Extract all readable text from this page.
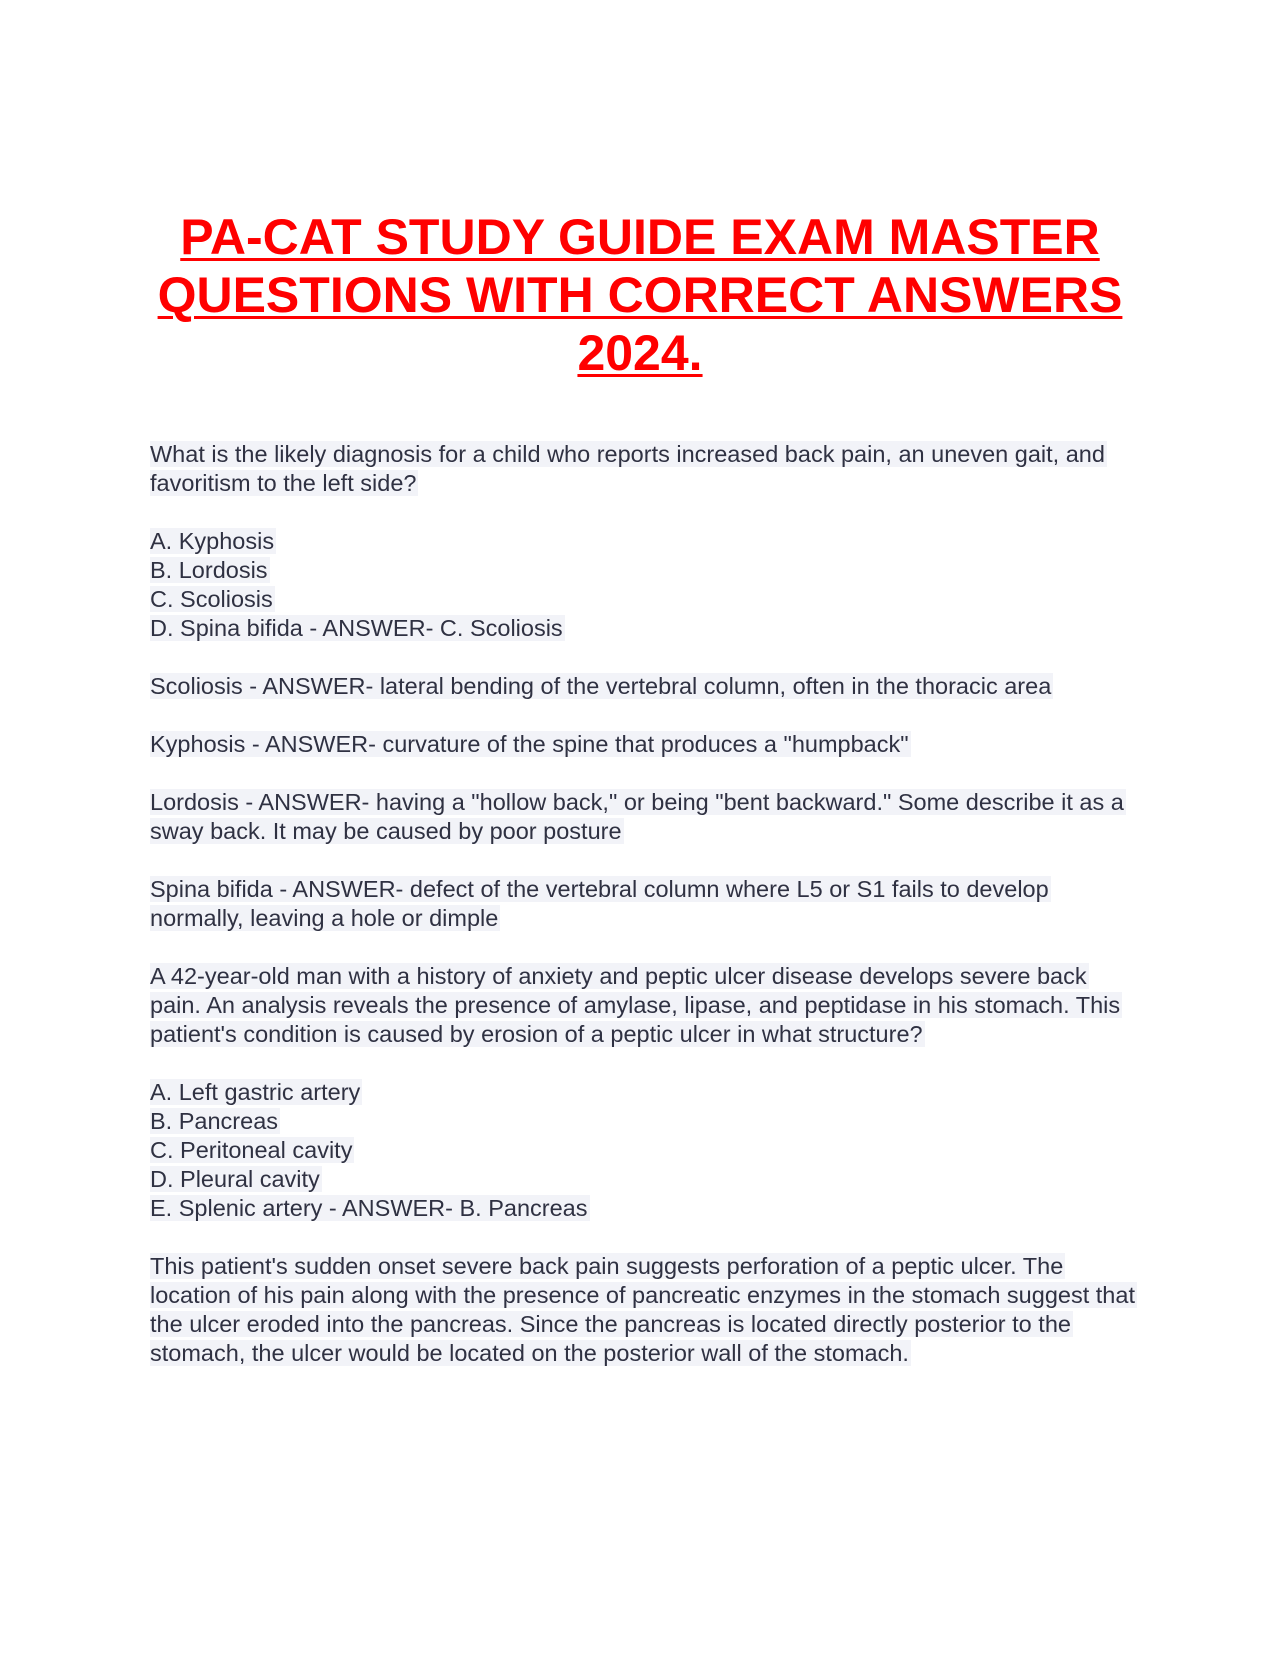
PA-CAT STUDY GUIDE EXAM MASTER QUESTIONS WITH CORRECT ANSWERS 2024.

What is the likely diagnosis for a child who reports increased back pain, an uneven gait, and favoritism to the left side?

A. Kyphosis
B. Lordosis
C. Scoliosis
D. Spina bifida - ANSWER- C. Scoliosis

Scoliosis - ANSWER- lateral bending of the vertebral column, often in the thoracic area

Kyphosis - ANSWER- curvature of the spine that produces a "humpback"

Lordosis - ANSWER- having a "hollow back," or being "bent backward." Some describe it as a sway back. It may be caused by poor posture

Spina bifida - ANSWER- defect of the vertebral column where L5 or S1 fails to develop normally, leaving a hole or dimple

A 42-year-old man with a history of anxiety and peptic ulcer disease develops severe back pain. An analysis reveals the presence of amylase, lipase, and peptidase in his stomach. This patient's condition is caused by erosion of a peptic ulcer in what structure?

A. Left gastric artery
B. Pancreas
C. Peritoneal cavity
D. Pleural cavity
E. Splenic artery - ANSWER- B. Pancreas

This patient's sudden onset severe back pain suggests perforation of a peptic ulcer. The location of his pain along with the presence of pancreatic enzymes in the stomach suggest that the ulcer eroded into the pancreas. Since the pancreas is located directly posterior to the stomach, the ulcer would be located on the posterior wall of the stomach.
